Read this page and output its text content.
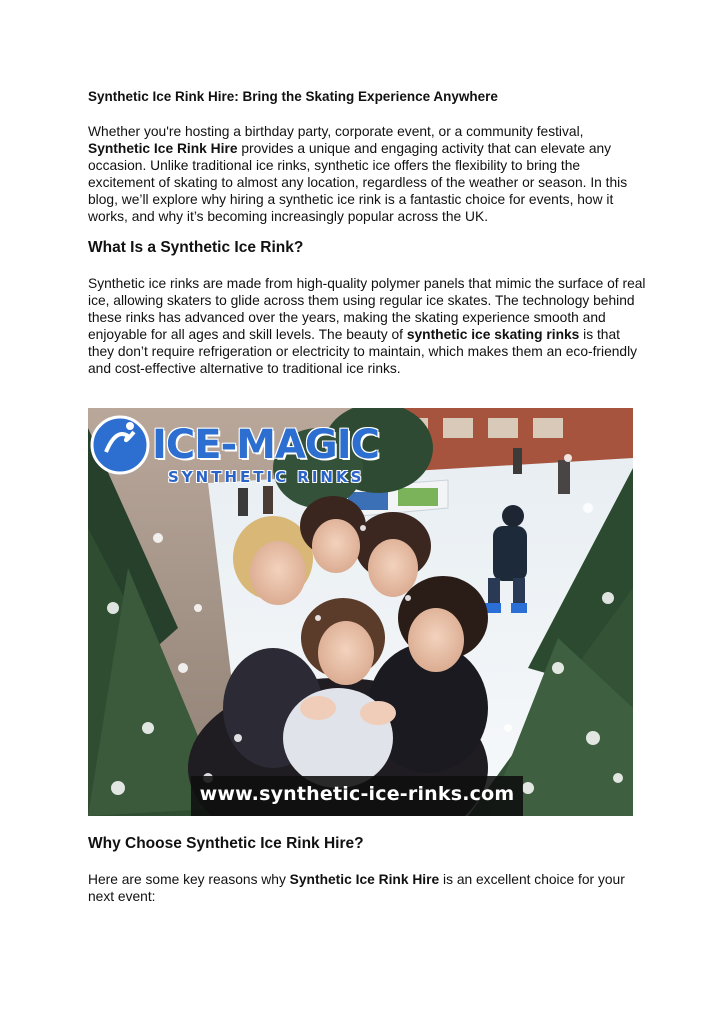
Synthetic Ice Rink Hire: Bring the Skating Experience Anywhere
Whether you're hosting a birthday party, corporate event, or a community festival, Synthetic Ice Rink Hire provides a unique and engaging activity that can elevate any occasion. Unlike traditional ice rinks, synthetic ice offers the flexibility to bring the excitement of skating to almost any location, regardless of the weather or season. In this blog, we’ll explore why hiring a synthetic ice rink is a fantastic choice for events, how it works, and why it’s becoming increasingly popular across the UK.
What Is a Synthetic Ice Rink?
Synthetic ice rinks are made from high-quality polymer panels that mimic the surface of real ice, allowing skaters to glide across them using regular ice skates. The technology behind these rinks has advanced over the years, making the skating experience smooth and enjoyable for all ages and skill levels. The beauty of synthetic ice skating rinks is that they don’t require refrigeration or electricity to maintain, which makes them an eco-friendly and cost-effective alternative to traditional ice rinks.
ICE-MAGIC
SYNTHETIC RINKS
www.synthetic-ice-rinks.com
Why Choose Synthetic Ice Rink Hire?
Here are some key reasons why Synthetic Ice Rink Hire is an excellent choice for your next event:
